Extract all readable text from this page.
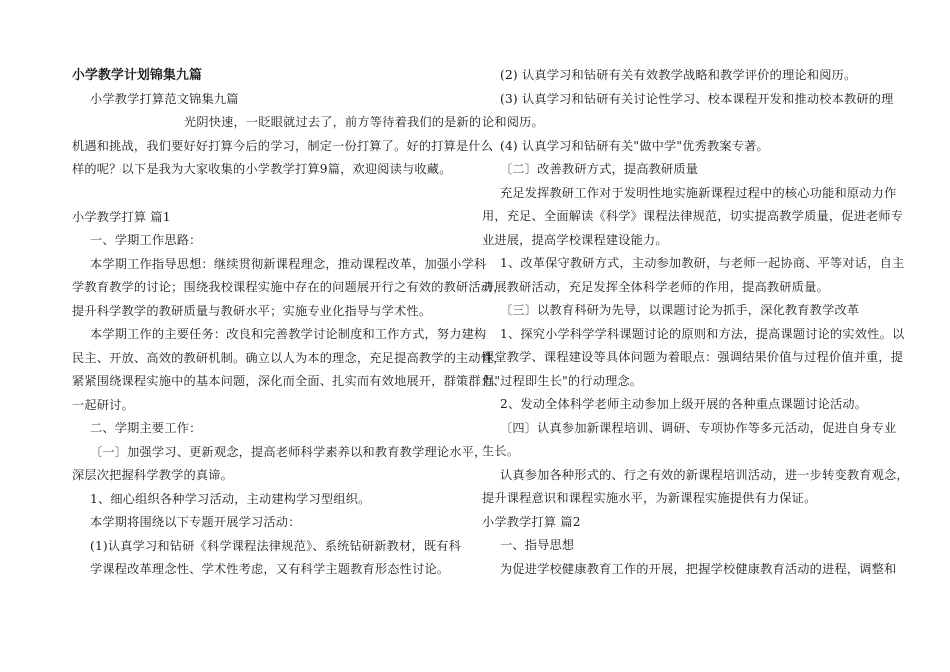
小学教学计划锦集九篇
小学教学打算范文锦集九篇
光阴快速，一眨眼就过去了，前方等待着我们的是新的
机遇和挑战，我们要好好打算今后的学习，制定一份打算了。好的打算是什么
样的呢？以下是我为大家收集的小学教学打算9篇，欢迎阅读与收藏。
小学教学打算 篇1
一、学期工作思路：
本学期工作指导思想：继续贯彻新课程理念，推动课程改革，加强小学科
学教育教学的讨论；围绕我校课程实施中存在的问题展开行之有效的教研活动，
提升科学教学的教研质量与教研水平；实施专业化指导与学术性。
本学期工作的主要任务：改良和完善教学讨论制度和工作方式，努力建构
民主、开放、高效的教研机制。确立以人为本的理念，充足提高教学的主动性，
紧紧围绕课程实施中的基本问题，深化而全面、扎实而有效地展开，群策群力、
一起研讨。
二、学期主要工作：
〔一〕加强学习、更新观念，提高老师科学素养以和教育教学理论水平，
深层次把握科学教学的真谛。
1、细心组织各种学习活动，主动建构学习型组织。
本学期将围绕以下专题开展学习活动：
(1)认真学习和钻研《科学课程法律规范》、系统钻研新教材，既有科
学课程改革理念性、学术性考虑，又有科学主题教育形态性讨论。
(2) 认真学习和钻研有关有效教学战略和教学评价的理论和阅历。
(3) 认真学习和钻研有关讨论性学习、校本课程开发和推动校本教研的理
论和阅历。
(4) 认真学习和钻研有关"做中学"优秀教案专著。
〔二〕改善教研方式，提高教研质量
充足发挥教研工作对于发明性地实施新课程过程中的核心功能和原动力作
用，充足、全面解读《科学》课程法律规范，切实提高教学质量，促进老师专
业进展，提高学校课程建设能力。
1、改革保守教研方式，主动参加教研，与老师一起协商、平等对话，自主
开展教研活动，充足发挥全体科学老师的作用，提高教研质量。
〔三〕以教育科研为先导，以课题讨论为抓手，深化教育教学改革
1、探究小学科学学科课题讨论的原则和方法，提高课题讨论的实效性。以
课堂教学、课程建设等具体问题为着眼点：强调结果价值与过程价值并重，提
倡"过程即生长"的行动理念。
2、发动全体科学老师主动参加上级开展的各种重点课题讨论活动。
〔四〕认真参加新课程培训、调研、专项协作等多元活动，促进自身专业
生长。
认真参加各种形式的、行之有效的新课程培训活动，进一步转变教育观念，
提升课程意识和课程实施水平，为新课程实施提供有力保证。
小学教学打算 篇2
一、指导思想
为促进学校健康教育工作的开展，把握学校健康教育活动的进程，调整和
